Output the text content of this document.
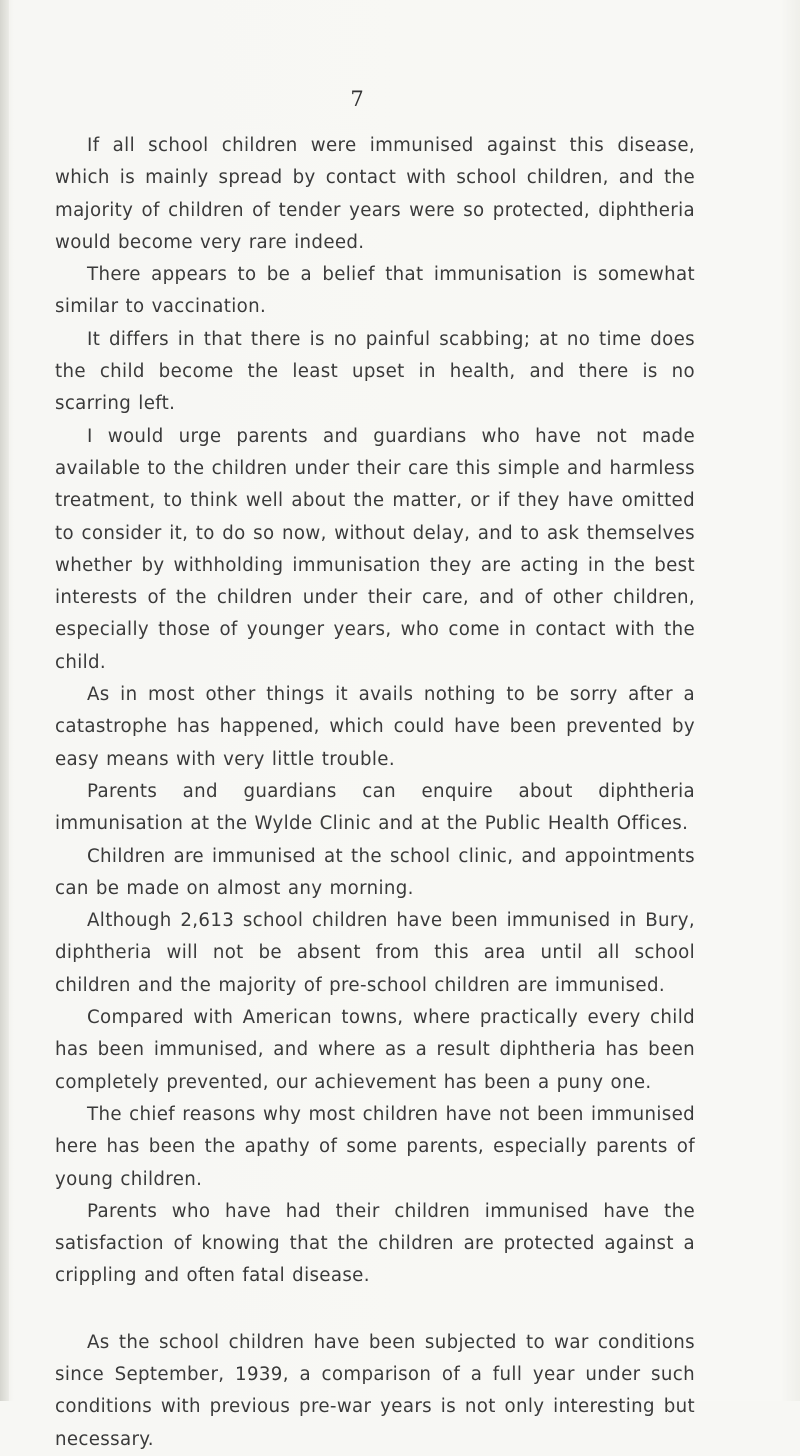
7

If all school children were immunised against this disease, which is mainly spread by contact with school children, and the majority of children of tender years were so protected, diphtheria would become very rare indeed.

There appears to be a belief that immunisation is somewhat similar to vaccination.

It differs in that there is no painful scabbing; at no time does the child become the least upset in health, and there is no scarring left.

I would urge parents and guardians who have not made available to the children under their care this simple and harmless treatment, to think well about the matter, or if they have omitted to consider it, to do so now, without delay, and to ask themselves whether by withholding immunisation they are acting in the best interests of the children under their care, and of other children, especially those of younger years, who come in contact with the child.

As in most other things it avails nothing to be sorry after a catastrophe has happened, which could have been prevented by easy means with very little trouble.

Parents and guardians can enquire about diphtheria immunisation at the Wylde Clinic and at the Public Health Offices.

Children are immunised at the school clinic, and appointments can be made on almost any morning.

Although 2,613 school children have been immunised in Bury, diphtheria will not be absent from this area until all school children and the majority of pre-school children are immunised.

Compared with American towns, where practically every child has been immunised, and where as a result diphtheria has been completely prevented, our achievement has been a puny one.

The chief reasons why most children have not been immunised here has been the apathy of some parents, especially parents of young children.

Parents who have had their children immunised have the satisfaction of knowing that the children are protected against a crippling and often fatal disease.

As the school children have been subjected to war conditions since September, 1939, a comparison of a full year under such conditions with previous pre-war years is not only interesting but necessary.
